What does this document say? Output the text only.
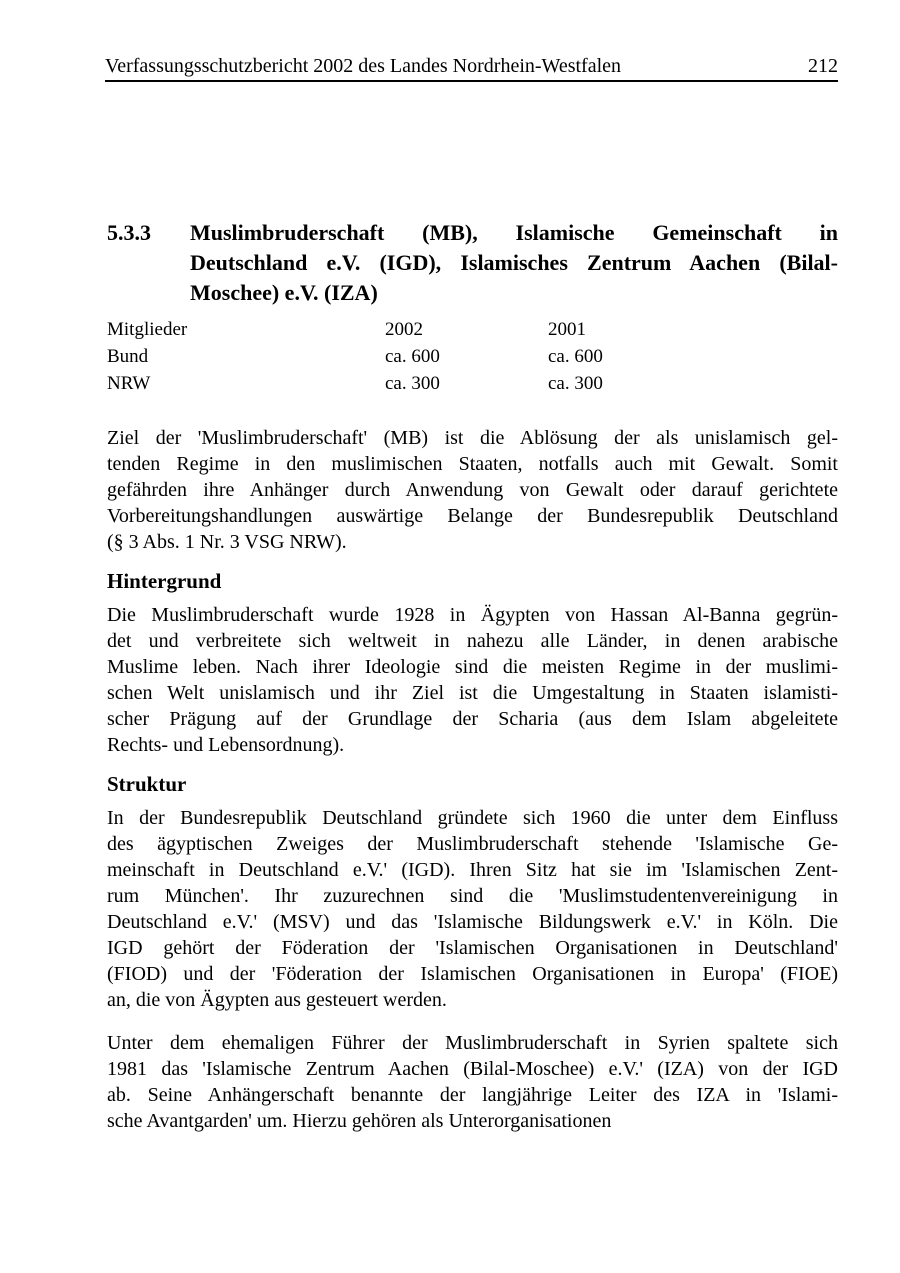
Verfassungsschutzbericht 2002 des Landes Nordrhein-Westfalen	212
5.3.3 Muslimbruderschaft (MB), Islamische Gemeinschaft in
Deutschland e.V. (IGD), Islamisches Zentrum Aachen (Bilal-
Moschee) e.V. (IZA)
Mitglieder	2002	2001
Bund	ca. 600	ca. 600
NRW	ca. 300	ca. 300
Ziel der 'Muslimbruderschaft' (MB) ist die Ablösung der als unislamisch gel-
tenden Regime in den muslimischen Staaten, notfalls auch mit Gewalt. Somit
gefährden ihre Anhänger durch Anwendung von Gewalt oder darauf gerichtete
Vorbereitungshandlungen auswärtige Belange der Bundesrepublik Deutschland
(§ 3 Abs. 1 Nr. 3 VSG NRW).
Hintergrund
Die Muslimbruderschaft wurde 1928 in Ägypten von Hassan Al-Banna gegrün-
det und verbreitete sich weltweit in nahezu alle Länder, in denen arabische
Muslime leben. Nach ihrer Ideologie sind die meisten Regime in der muslimi-
schen Welt unislamisch und ihr Ziel ist die Umgestaltung in Staaten islamisti-
scher Prägung auf der Grundlage der Scharia (aus dem Islam abgeleitete
Rechts- und Lebensordnung).
Struktur
In der Bundesrepublik Deutschland gründete sich 1960 die unter dem Einfluss
des ägyptischen Zweiges der Muslimbruderschaft stehende 'Islamische Ge-
meinschaft in Deutschland e.V.' (IGD). Ihren Sitz hat sie im 'Islamischen Zent-
rum München'. Ihr zuzurechnen sind die 'Muslimstudentenvereinigung in
Deutschland e.V.' (MSV) und das 'Islamische Bildungswerk e.V.' in Köln. Die
IGD gehört der Föderation der 'Islamischen Organisationen in Deutschland'
(FIOD) und der 'Föderation der Islamischen Organisationen in Europa' (FIOE)
an, die von Ägypten aus gesteuert werden.
Unter dem ehemaligen Führer der Muslimbruderschaft in Syrien spaltete sich
1981 das 'Islamische Zentrum Aachen (Bilal-Moschee) e.V.' (IZA) von der IGD
ab. Seine Anhängerschaft benannte der langjährige Leiter des IZA in 'Islami-
sche Avantgarden' um. Hierzu gehören als Unterorganisationen
